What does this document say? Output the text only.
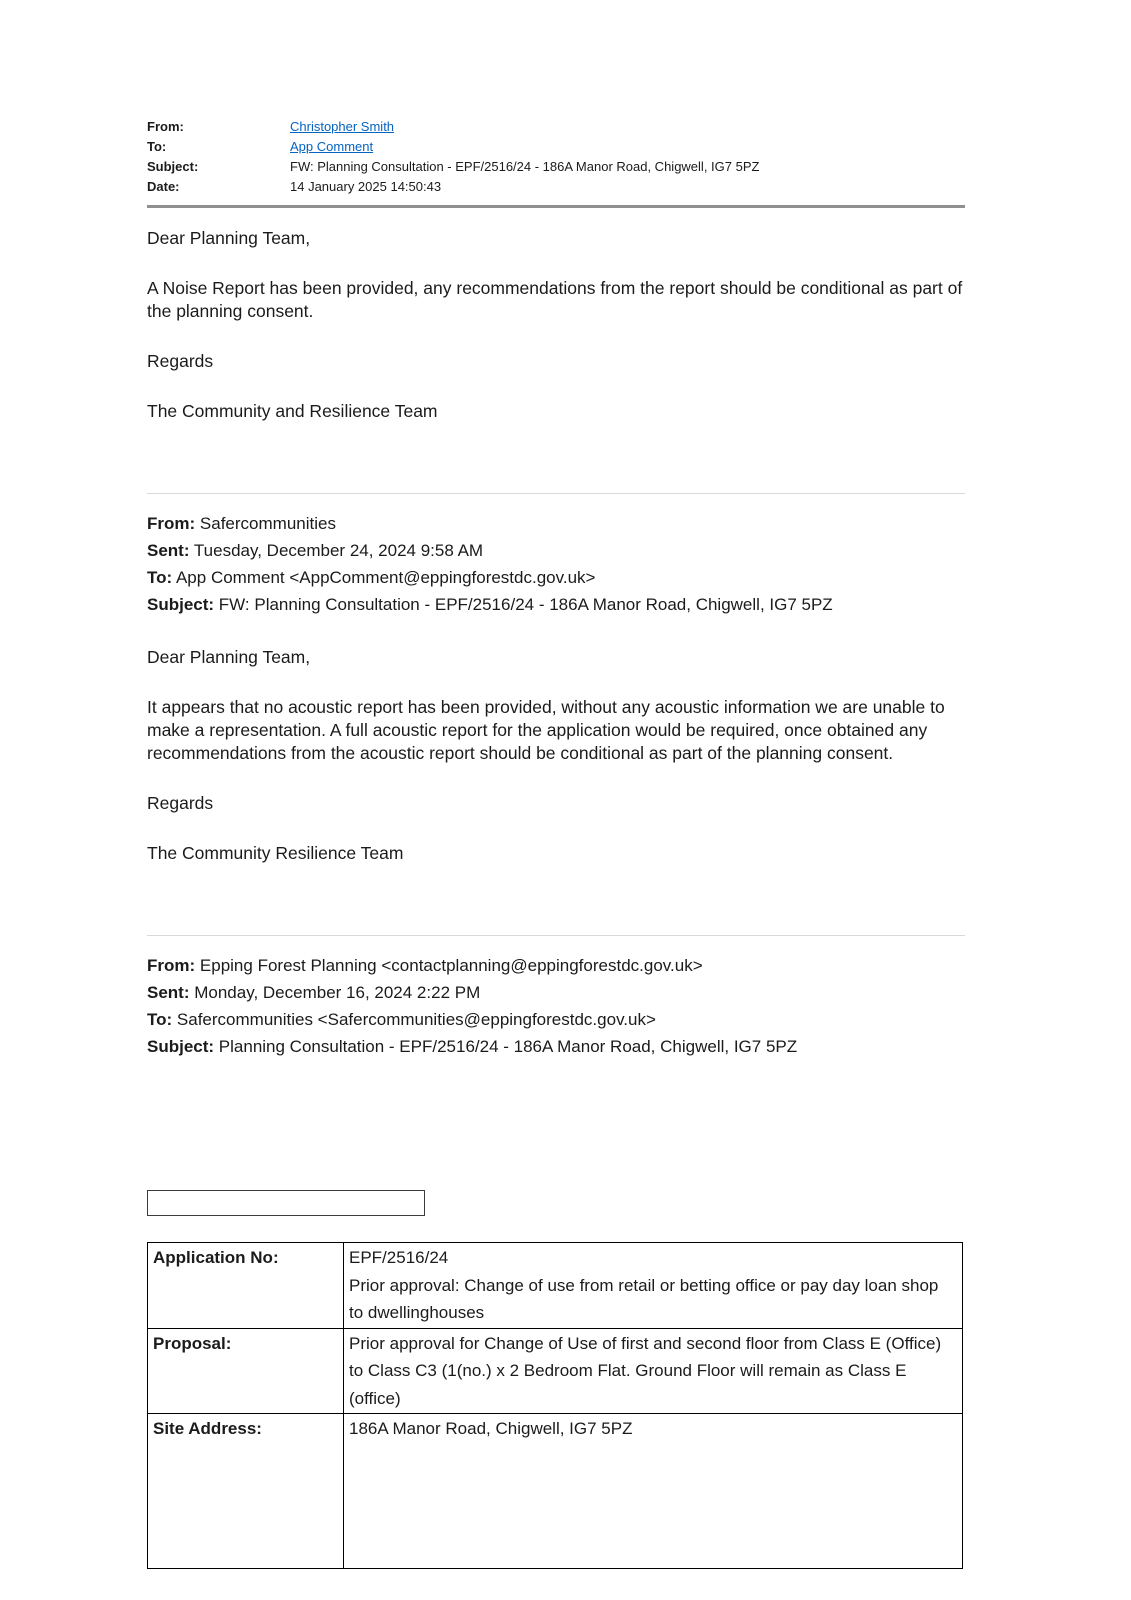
From:	Christopher Smith
To:	App Comment
Subject:	FW: Planning Consultation - EPF/2516/24 - 186A Manor Road, Chigwell, IG7 5PZ
Date:	14 January 2025 14:50:43

Dear Planning Team,

A Noise Report has been provided, any recommendations from the report should be conditional as part of the planning consent.

Regards

The Community and Resilience Team

From: Safercommunities
Sent: Tuesday, December 24, 2024 9:58 AM
To: App Comment <AppComment@eppingforestdc.gov.uk>
Subject: FW: Planning Consultation - EPF/2516/24 - 186A Manor Road, Chigwell, IG7 5PZ

Dear Planning Team,

It appears that no acoustic report has been provided, without any acoustic information we are unable to make a representation. A full acoustic report for the application would be required, once obtained any recommendations from the acoustic report should be conditional as part of the planning consent.

Regards

The Community Resilience Team

From: Epping Forest Planning <contactplanning@eppingforestdc.gov.uk>
Sent: Monday, December 16, 2024 2:22 PM
To: Safercommunities <Safercommunities@eppingforestdc.gov.uk>
Subject: Planning Consultation - EPF/2516/24 - 186A Manor Road, Chigwell, IG7 5PZ
Application No:	EPF/2516/24
Prior approval: Change of use from retail or betting office or pay day loan shop to dwellinghouses

Proposal:	Prior approval for Change of Use of first and second floor from Class E (Office) to Class C3 (1(no.) x 2 Bedroom Flat. Ground Floor will remain as Class E (office)
Site Address:	186A Manor Road, Chigwell, IG7 5PZ
